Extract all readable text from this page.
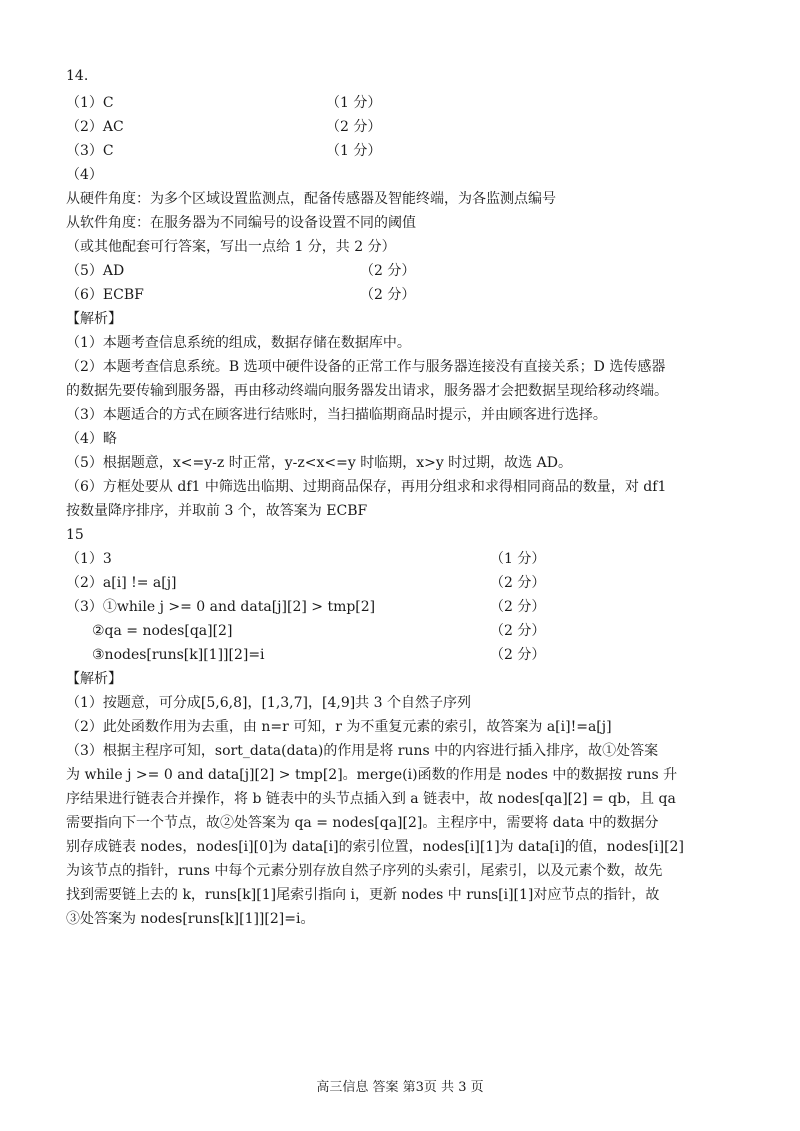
14.
（1）C	（1 分）
（2）AC	（2 分）
（3）C	（1 分）
（4）
从硬件角度：为多个区域设置监测点，配备传感器及智能终端，为各监测点编号
从软件角度：在服务器为不同编号的设备设置不同的阈值
（或其他配套可行答案，写出一点给 1 分，共 2 分）
（5）AD	（2 分）
（6）ECBF	（2 分）
【解析】
（1）本题考查信息系统的组成，数据存储在数据库中。
（2）本题考查信息系统。B 选项中硬件设备的正常工作与服务器连接没有直接关系；D 选传感器
的数据先要传输到服务器，再由移动终端向服务器发出请求，服务器才会把数据呈现给移动终端。
（3）本题适合的方式在顾客进行结账时，当扫描临期商品时提示，并由顾客进行选择。
（4）略
（5）根据题意，x<=y-z 时正常，y-z<x<=y 时临期，x>y 时过期，故选 AD。
（6）方框处要从 df1 中筛选出临期、过期商品保存，再用分组求和求得相同商品的数量，对 df1
按数量降序排序，并取前 3 个，故答案为 ECBF
15
（1）3	（1 分）
（2）a[i] != a[j]	（2 分）
（3）①while j >= 0 and data[j][2] > tmp[2]	（2 分）
②qa = nodes[qa][2]	（2 分）
③nodes[runs[k][1]][2]=i	（2 分）
【解析】
（1）按题意，可分成[5,6,8]，[1,3,7]，[4,9]共 3 个自然子序列
（2）此处函数作用为去重，由 n=r 可知，r 为不重复元素的索引，故答案为 a[i]!=a[j]
（3）根据主程序可知，sort_data(data)的作用是将 runs 中的内容进行插入排序，故①处答案
为 while j >= 0 and data[j][2] > tmp[2]。merge(i)函数的作用是 nodes 中的数据按 runs 升
序结果进行链表合并操作，将 b 链表中的头节点插入到 a 链表中，故 nodes[qa][2] = qb，且 qa
需要指向下一个节点，故②处答案为 qa = nodes[qa][2]。主程序中，需要将 data 中的数据分
别存成链表 nodes，nodes[i][0]为 data[i]的索引位置，nodes[i][1]为 data[i]的值，nodes[i][2]
为该节点的指针，runs 中每个元素分别存放自然子序列的头索引，尾索引，以及元素个数，故先
找到需要链上去的 k，runs[k][1]尾索引指向 i，更新 nodes 中 runs[i][1]对应节点的指针，故
③处答案为 nodes[runs[k][1]][2]=i。
高三信息 答案 第3页 共 3 页
